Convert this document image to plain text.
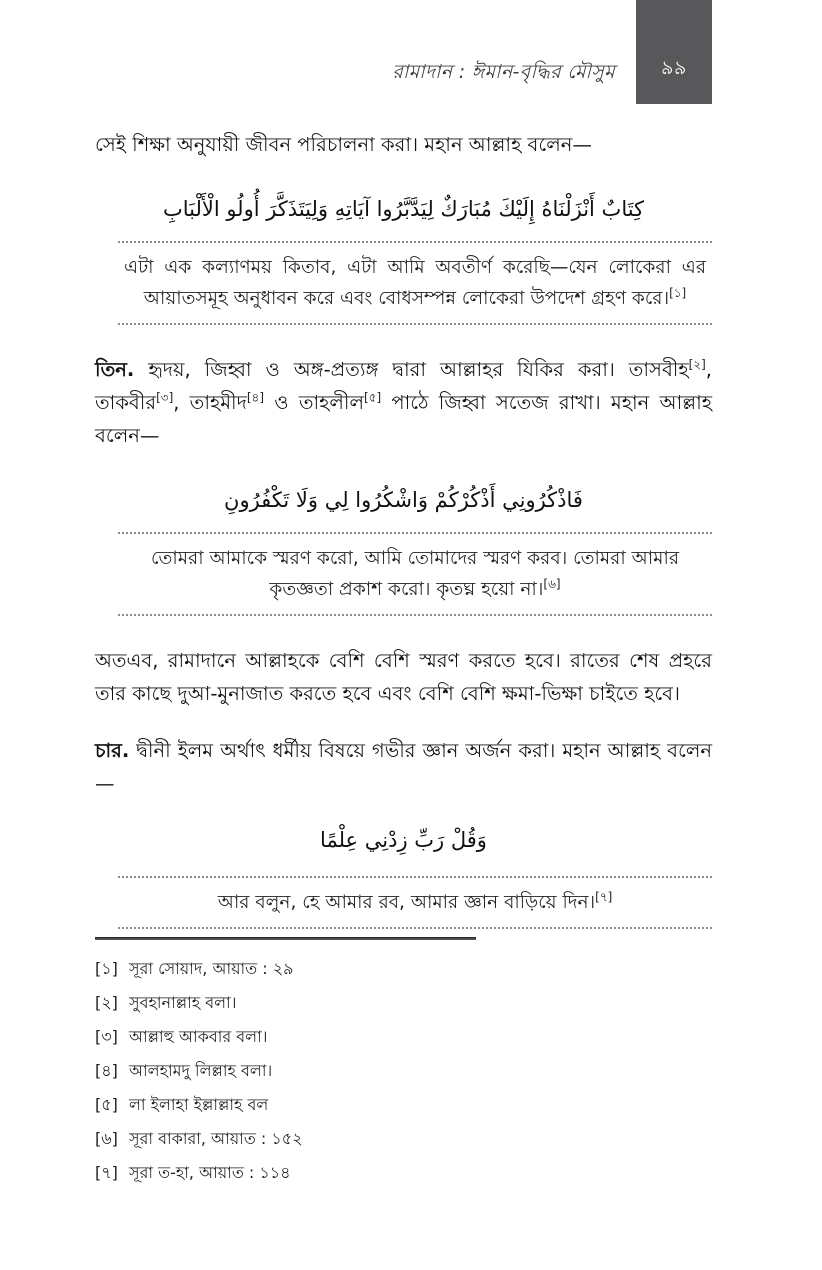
৯৯
রামাদান : ঈমান-বৃদ্ধির মৌসুম

সেই শিক্ষা অনুযায়ী জীবন পরিচালনা করা। মহান আল্লাহ বলেন—

كِتَابٌ أَنْزَلْنَاهُ إِلَيْكَ مُبَارَكٌ لِيَدَّبَّرُوا آيَاتِهِ وَلِيَتَذَكَّرَ أُولُو الْأَلْبَابِ

এটা এক কল্যাণময় কিতাব, এটা আমি অবতীর্ণ করেছি—যেন লোকেরা এর আয়াতসমূহ অনুধাবন করে এবং বোধসম্পন্ন লোকেরা উপদেশ গ্রহণ করে।[১]

তিন. হৃদয়, জিহ্বা ও অঙ্গ-প্রত্যঙ্গ দ্বারা আল্লাহর যিকির করা। তাসবীহ[২], তাকবীর[৩], তাহমীদ[৪] ও তাহলীল[৫] পাঠে জিহ্বা সতেজ রাখা। মহান আল্লাহ বলেন—

فَاذْكُرُونِي أَذْكُرْكُمْ وَاشْكُرُوا لِي وَلَا تَكْفُرُونِ

তোমরা আমাকে স্মরণ করো, আমি তোমাদের স্মরণ করব। তোমরা আমার

কৃতজ্ঞতা প্রকাশ করো। কৃতঘ্ন হয়ো না।[৬]

অতএব, রামাদানে আল্লাহকে বেশি বেশি স্মরণ করতে হবে। রাতের শেষ প্রহরে তার কাছে দুআ-মুনাজাত করতে হবে এবং বেশি বেশি ক্ষমা-ভিক্ষা চাইতে হবে।

চার. দ্বীনী ইলম অর্থাৎ ধর্মীয় বিষয়ে গভীর জ্ঞান অর্জন করা। মহান আল্লাহ বলেন—

وَقُلْ رَبِّ زِدْنِي عِلْمًا

আর বলুন, হে আমার রব, আমার জ্ঞান বাড়িয়ে দিন।[৭]

[১] সূরা সোয়াদ, আয়াত : ২৯
[২] সুবহানাল্লাহ বলা।
[৩] আল্লাহু আকবার বলা।
[৪] আলহামদু লিল্লাহ বলা।
[৫] লা ইলাহা ইল্লাল্লাহ বল
[৬] সূরা বাকারা, আয়াত : ১৫২
[৭] সূরা ত-হা, আয়াত : ১১৪
